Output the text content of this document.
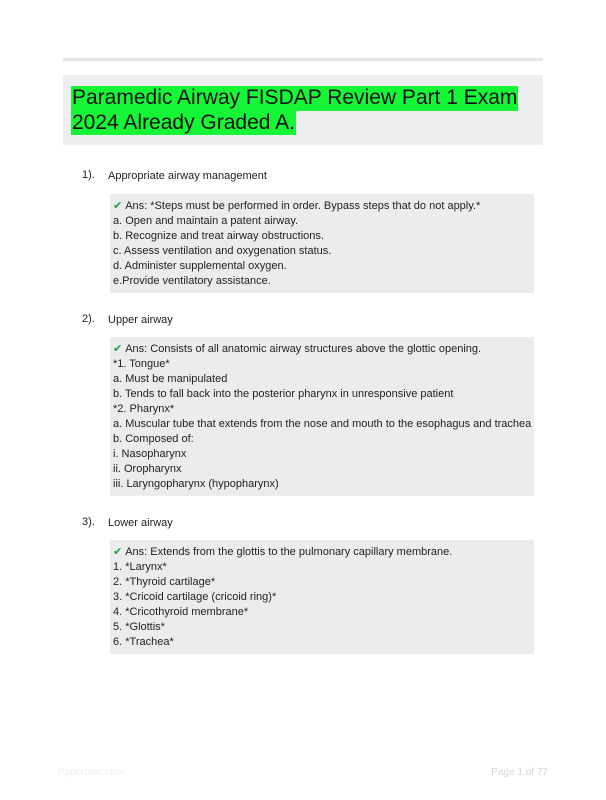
Paramedic Airway FISDAP Review Part 1 Exam
2024 Already Graded A.
1). Appropriate airway management
✔ Ans: *Steps must be performed in order. Bypass steps that do not apply.*
a. Open and maintain a patent airway.
b. Recognize and treat airway obstructions.
c. Assess ventilation and oxygenation status.
d. Administer supplemental oxygen.
e.Provide ventilatory assistance.
2). Upper airway
✔ Ans: Consists of all anatomic airway structures above the glottic opening.
*1. Tongue*
a. Must be manipulated
b. Tends to fall back into the posterior pharynx in unresponsive patient
*2. Pharynx*
a. Muscular tube that extends from the nose and mouth to the esophagus and trachea
b. Composed of:
i. Nasopharynx
ii. Oropharynx
iii. Laryngopharynx (hypopharynx)
3). Lower airway
✔ Ans: Extends from the glottis to the pulmonary capillary membrane.
1. *Larynx*
2. *Thyroid cartilage*
3. *Cricoid cartilage (cricoid ring)*
4. *Cricothyroid membrane*
5. *Glottis*
6. *Trachea*
Papertstic.com	Page 1 of 77
